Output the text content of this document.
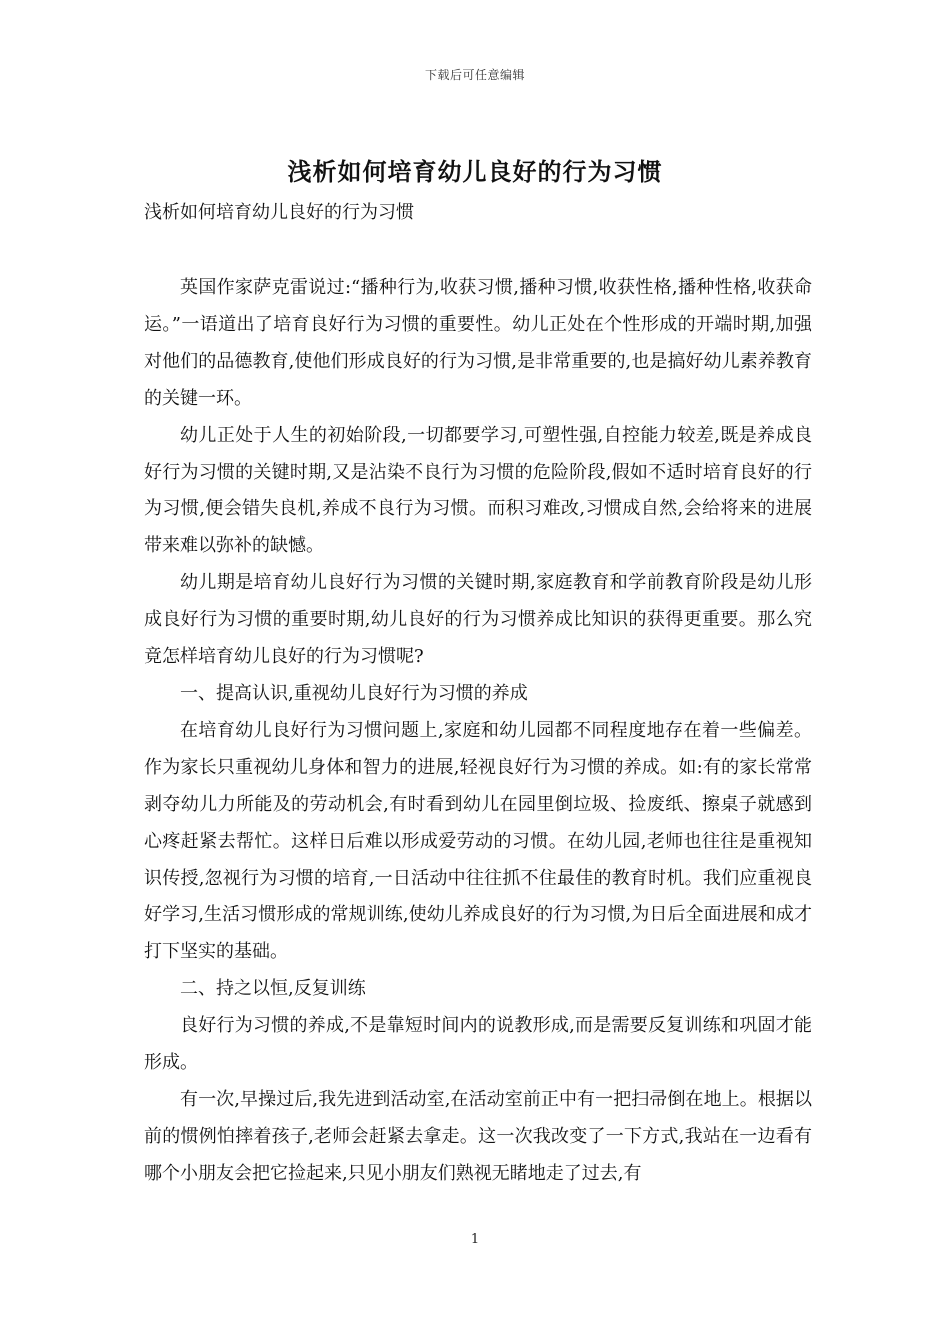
下载后可任意编辑
浅析如何培育幼儿良好的行为习惯
浅析如何培育幼儿良好的行为习惯

英国作家萨克雷说过:“播种行为,收获习惯,播种习惯,收获性格,播种性格,收获命运。”一语道出了培育良好行为习惯的重要性。幼儿正处在个性形成的开端时期,加强对他们的品德教育,使他们形成良好的行为习惯,是非常重要的,也是搞好幼儿素养教育的关键一环。

幼儿正处于人生的初始阶段,一切都要学习,可塑性强,自控能力较差,既是养成良好行为习惯的关键时期,又是沾染不良行为习惯的危险阶段,假如不适时培育良好的行为习惯,便会错失良机,养成不良行为习惯。而积习难改,习惯成自然,会给将来的进展带来难以弥补的缺憾。

幼儿期是培育幼儿良好行为习惯的关键时期,家庭教育和学前教育阶段是幼儿形成良好行为习惯的重要时期,幼儿良好的行为习惯养成比知识的获得更重要。那么究竟怎样培育幼儿良好的行为习惯呢?

一、提高认识,重视幼儿良好行为习惯的养成

在培育幼儿良好行为习惯问题上,家庭和幼儿园都不同程度地存在着一些偏差。作为家长只重视幼儿身体和智力的进展,轻视良好行为习惯的养成。如:有的家长常常剥夺幼儿力所能及的劳动机会,有时看到幼儿在园里倒垃圾、捡废纸、擦桌子就感到心疼赶紧去帮忙。这样日后难以形成爱劳动的习惯。在幼儿园,老师也往往是重视知识传授,忽视行为习惯的培育,一日活动中往往抓不住最佳的教育时机。我们应重视良好学习,生活习惯形成的常规训练,使幼儿养成良好的行为习惯,为日后全面进展和成才打下坚实的基础。

二、持之以恒,反复训练

良好行为习惯的养成,不是靠短时间内的说教形成,而是需要反复训练和巩固才能形成。

有一次,早操过后,我先进到活动室,在活动室前正中有一把扫帚倒在地上。根据以前的惯例怕摔着孩子,老师会赶紧去拿走。这一次我改变了一下方式,我站在一边看有哪个小朋友会把它捡起来,只见小朋友们熟视无睹地走了过去,有

1
